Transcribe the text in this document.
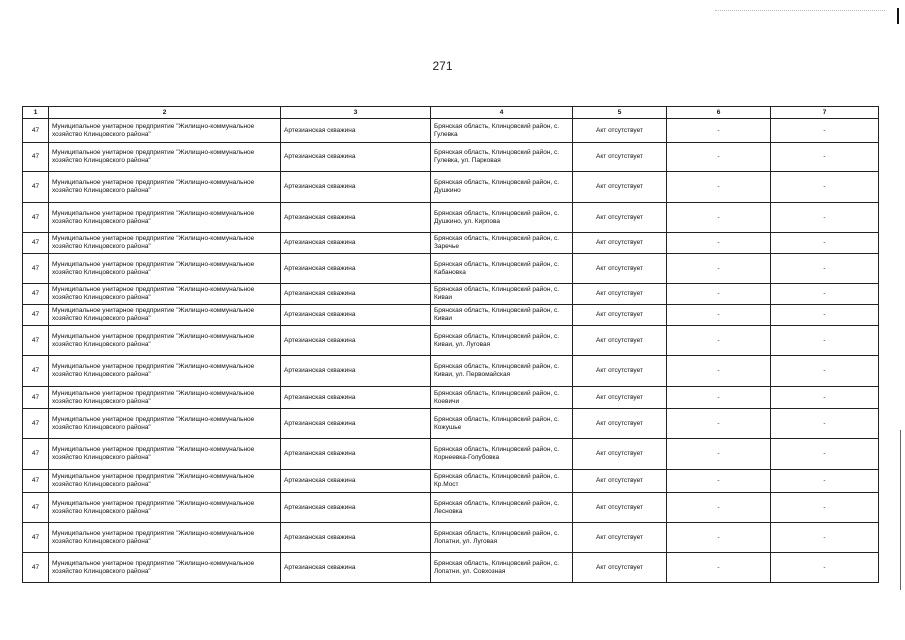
271
1	2	3	4	5	6	7
47	Муниципальное унитарное предприятие "Жилищно-коммунальное хозяйство Клинцовского района"	Артезианская скважина	Брянская область, Клинцовский район, с. Гулевка	Акт отсутствует	-	-
47	Муниципальное унитарное предприятие "Жилищно-коммунальное хозяйство Клинцовского района"	Артезианская скважина	Брянская область, Клинцовский район, с. Гулевка, ул. Парковая	Акт отсутствует	-	-
47	Муниципальное унитарное предприятие "Жилищно-коммунальное хозяйство Клинцовского района"	Артезианская скважина	Брянская область, Клинцовский район, с. Душкино	Акт отсутствует	-	-
47	Муниципальное унитарное предприятие "Жилищно-коммунальное хозяйство Клинцовского района"	Артезианская скважина	Брянская область, Клинцовский район, с. Душкино, ул. Кирпова	Акт отсутствует	-	-
47	Муниципальное унитарное предприятие "Жилищно-коммунальное хозяйство Клинцовского района"	Артезианская скважина	Брянская область, Клинцовский район, с. Заречье	Акт отсутствует	-	-
47	Муниципальное унитарное предприятие "Жилищно-коммунальное хозяйство Клинцовского района"	Артезианская скважина	Брянская область, Клинцовский район, с. Кабановка	Акт отсутствует	-	-
47	Муниципальное унитарное предприятие "Жилищно-коммунальное хозяйство Клинцовского района"	Артезианская скважина	Брянская область, Клинцовский район, с. Киваи	Акт отсутствует	-	-
47	Муниципальное унитарное предприятие "Жилищно-коммунальное хозяйство Клинцовского района"	Артезианская скважина	Брянская область, Клинцовский район, с. Киваи	Акт отсутствует	-	-
47	Муниципальное унитарное предприятие "Жилищно-коммунальное хозяйство Клинцовского района"	Артезианская скважина	Брянская область, Клинцовский район, с. Киваи, ул. Луговая	Акт отсутствует	-	-
47	Муниципальное унитарное предприятие "Жилищно-коммунальное хозяйство Клинцовского района"	Артезианская скважина	Брянская область, Клинцовский район, с. Киваи, ул. Первомайская	Акт отсутствует	-	-
47	Муниципальное унитарное предприятие "Жилищно-коммунальное хозяйство Клинцовского района"	Артезианская скважина	Брянская область, Клинцовский район, с. Коевичи	Акт отсутствует	-	-
47	Муниципальное унитарное предприятие "Жилищно-коммунальное хозяйство Клинцовского района"	Артезианская скважина	Брянская область, Клинцовский район, с. Кожушье	Акт отсутствует	-	-
47	Муниципальное унитарное предприятие "Жилищно-коммунальное хозяйство Клинцовского района"	Артезианская скважина	Брянская область, Клинцовский район, с. Корнеевка-Голубовка	Акт отсутствует	-	-
47	Муниципальное унитарное предприятие "Жилищно-коммунальное хозяйство Клинцовского района"	Артезианская скважина	Брянская область, Клинцовский район, с. Кр.Мост	Акт отсутствует	-	-
47	Муниципальное унитарное предприятие "Жилищно-коммунальное хозяйство Клинцовского района"	Артезианская скважина	Брянская область, Клинцовский район, с. Лесновка	Акт отсутствует	-	-
47	Муниципальное унитарное предприятие "Жилищно-коммунальное хозяйство Клинцовского района"	Артезианская скважина	Брянская область, Клинцовский район, с. Лопатни, ул. Луговая	Акт отсутствует	-	-
47	Муниципальное унитарное предприятие "Жилищно-коммунальное хозяйство Клинцовского района"	Артезианская скважина	Брянская область, Клинцовский район, с. Лопатни, ул. Совхозная	Акт отсутствует	-	-
